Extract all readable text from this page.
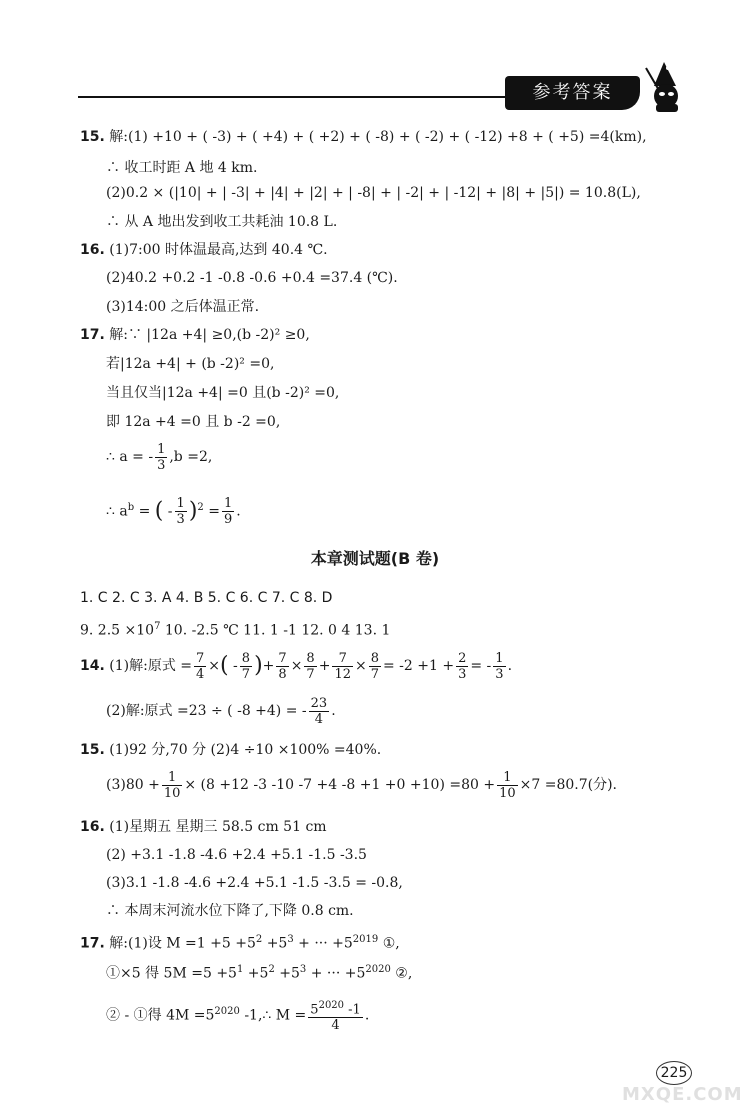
参考答案
15. 解:(1) +10 + ( -3) + ( +4) + ( +2) + ( -8) + ( -2) + ( -12) +8 + ( +5) =4(km),
∴ 收工时距 A 地 4 km.
(2)0.2 × (|10| + | -3| + |4| + |2| + | -8| + | -2| + | -12| + |8| + |5|) = 10.8(L),
∴ 从 A 地出发到收工共耗油 10.8 L.
16. (1)7:00 时体温最高,达到 40.4 ℃.
(2)40.2 +0.2 -1 -0.8 -0.6 +0.4 =37.4 (℃).
(3)14:00 之后体温正常.
17. 解:∵ |12a +4| ≥0,(b -2)² ≥0,
若|12a +4| + (b -2)² =0,
当且仅当|12a +4| =0 且(b -2)² =0,
即 12a +4 =0 且 b -2 =0,
∴ a = - $\frac{1}{3} ,b =2$,
∴ $a^b$ = ( - $\frac{1}{3} )^2 = \frac{1}{9}$ .
本章测试题(B 卷)
1. C 2. C 3. A 4. B 5. C 6. C 7. C 8. D
9. $2.5 \times 10^7$ 10. -2.5 ℃ 11. 1 -1 12. 0 4 13. 1
14. (1)解:原式 = $\frac{7}{4}$ ×( - $\frac{8}{7}$ )+ $\frac{7}{8} \times \frac{8}{7} + \frac{7}{12} \times \frac{8}{7} = -2 +1 + \frac{2}{3}$ = - $\frac{1}{3}$ .
(2)解:原式 =23 ÷ ( -8 +4) = - $\frac{23}{4}$ .
15. (1)92 分,70 分 (2)4 ÷10 ×100% =40%.
$(3)80 + \frac{1}{10} \times (8 +12$ -3 -10 -7 +4 $-8 +1 +0 +10) =80 + \frac{1}{10} \times 7 =80.7$(分).
16. (1)星期五 星期三 58.5 cm 51 cm
(2) +3.1 -1.8 -4.6 +2.4 +5.1 -1.5 -3.5
(3)3.1 -1.8 -4.6 +2.4 +5.1 -1.5 -3.5 = -0.8,
∴ 本周末河流水位下降了,下降 0.8 cm.
17. 解:(1)设 $M =1 +5 +5^2 +5^3$ + ··· $+5^{2019}$ ①,
①×5 得 $5M =5 +5^1 +5^2 +5^3$ + ··· $+5^{2020}$ ②,
② - ①得 $4M =5^{2020}$ -1,∴ $M = \frac{5^{2020} -1}{4}$ .
225
MXQE.COM
